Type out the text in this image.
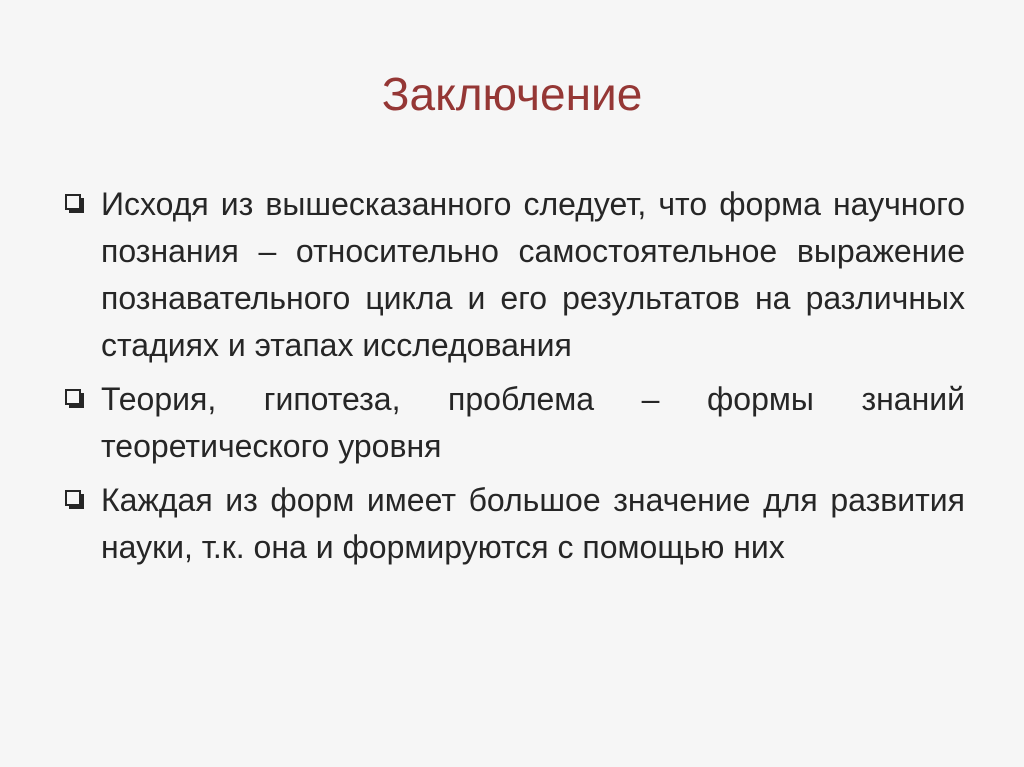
Заключение
Исходя из вышесказанного следует, что форма научного познания – относительно самостоятельное выражение познавательного цикла и его результатов на различных стадиях и этапах исследования
Теория, гипотеза, проблема – формы знаний теоретического уровня
Каждая из форм имеет большое значение для развития науки, т.к. она и формируются с помощью них
